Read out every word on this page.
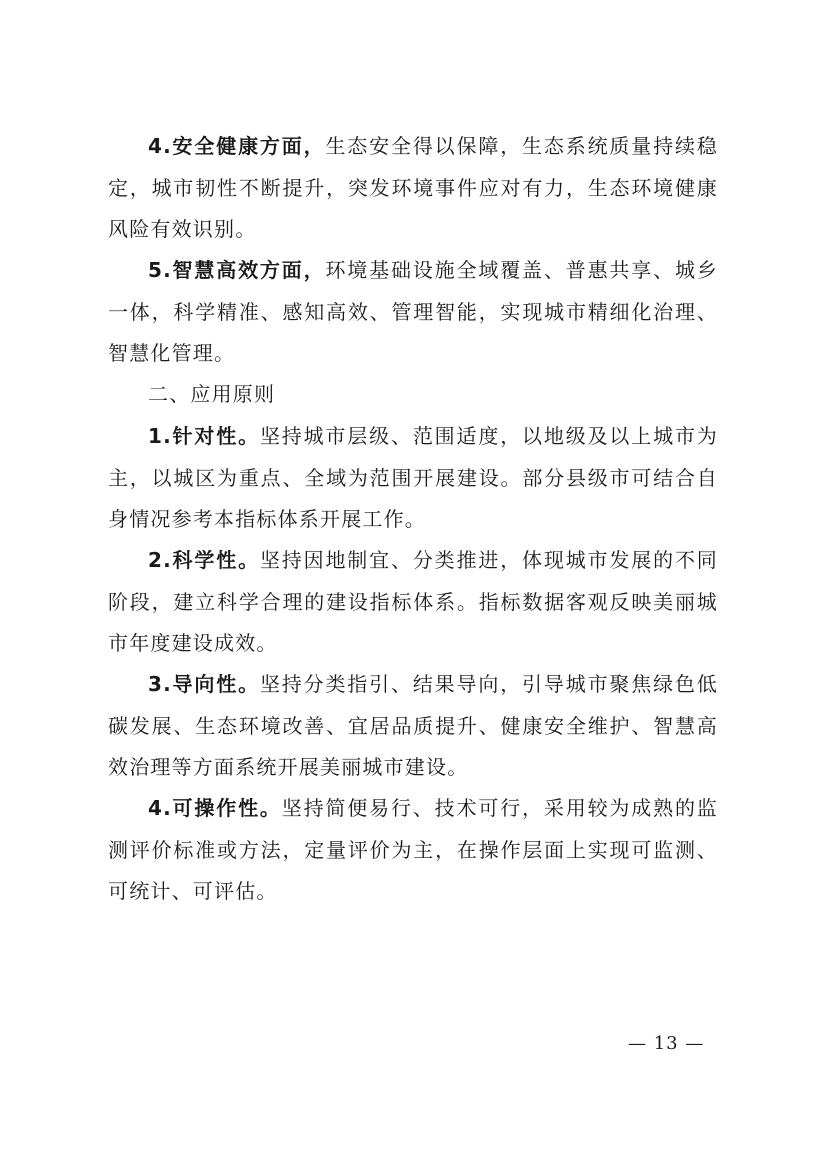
4.安全健康方面，生态安全得以保障，生态系统质量持续稳定，城市韧性不断提升，突发环境事件应对有力，生态环境健康风险有效识别。

5.智慧高效方面，环境基础设施全域覆盖、普惠共享、城乡一体，科学精准、感知高效、管理智能，实现城市精细化治理、智慧化管理。

二、应用原则

1.针对性。坚持城市层级、范围适度，以地级及以上城市为主，以城区为重点、全域为范围开展建设。部分县级市可结合自身情况参考本指标体系开展工作。

2.科学性。坚持因地制宜、分类推进，体现城市发展的不同阶段，建立科学合理的建设指标体系。指标数据客观反映美丽城市年度建设成效。

3.导向性。坚持分类指引、结果导向，引导城市聚焦绿色低碳发展、生态环境改善、宜居品质提升、健康安全维护、智慧高效治理等方面系统开展美丽城市建设。

4.可操作性。坚持简便易行、技术可行，采用较为成熟的监测评价标准或方法，定量评价为主，在操作层面上实现可监测、可统计、可评估。

— 13 —
